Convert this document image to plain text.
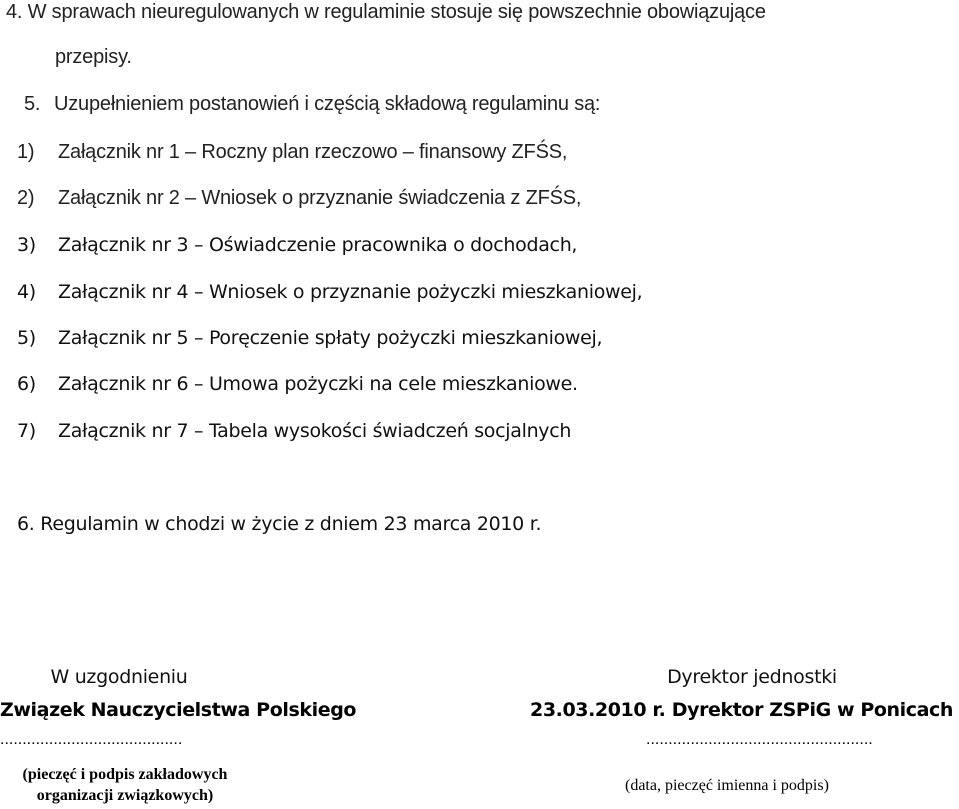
4. W sprawach nieuregulowanych w regulaminie stosuje się powszechnie obowiązujące
przepisy.
5. Uzupełnieniem postanowień i częścią składową regulaminu są:
1) Załącznik nr 1 – Roczny plan rzeczowo – finansowy ZFŚS,
2) Załącznik nr 2 – Wniosek o przyznanie świadczenia z ZFŚS,
3) Załącznik nr 3 – Oświadczenie pracownika o dochodach,
4) Załącznik nr 4 – Wniosek o przyznanie pożyczki mieszkaniowej,
5) Załącznik nr 5 – Poręczenie spłaty pożyczki mieszkaniowej,
6) Załącznik nr 6 – Umowa pożyczki na cele mieszkaniowe.
7) Załącznik nr 7 – Tabela wysokości świadczeń socjalnych
6. Regulamin w chodzi w życie z dniem 23 marca 2010 r.
W uzgodnieniu
Związek Nauczycielstwa Polskiego
.........................................
(pieczęć i podpis zakładowych
organizacji związkowych)
Dyrektor jednostki
23.03.2010 r. Dyrektor ZSPiG w Ponicach
...................................................
(data, pieczęć imienna i podpis)
